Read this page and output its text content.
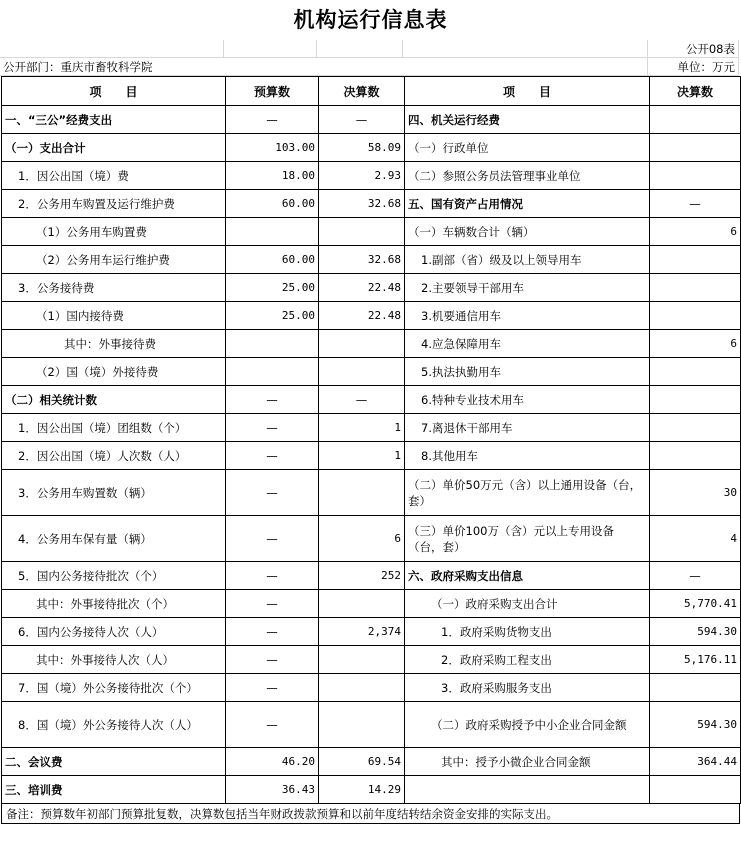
机构运行信息表
公开08表
公开部门：重庆市畜牧科学院	单位：万元
项　　目	预算数	决算数	项　　目	决算数
一、“三公”经费支出	—	—	四、机关运行经费	
（一）支出合计	103.00	58.09	（一）行政单位	
1．因公出国（境）费	18.00	2.93	（二）参照公务员法管理事业单位	
2．公务用车购置及运行维护费	60.00	32.68	五、国有资产占用情况	—
（1）公务用车购置费			（一）车辆数合计（辆）	6
（2）公务用车运行维护费	60.00	32.68	1.副部（省）级及以上领导用车	
3．公务接待费	25.00	22.48	2.主要领导干部用车	
（1）国内接待费	25.00	22.48	3.机要通信用车	
其中：外事接待费			4.应急保障用车	6
（2）国（境）外接待费			5.执法执勤用车	
（二）相关统计数	—	—	6.特种专业技术用车	
1．因公出国（境）团组数（个）	—	1	7.离退休干部用车	
2．因公出国（境）人次数（人）	—	1	8.其他用车	
3．公务用车购置数（辆）	—		（二）单价50万元（含）以上通用设备（台，套）	30
4．公务用车保有量（辆）	—	6	（三）单价100万（含）元以上专用设备（台，套）	4
5．国内公务接待批次（个）	—	252	六、政府采购支出信息	—
其中：外事接待批次（个）	—		（一）政府采购支出合计	5,770.41
6．国内公务接待人次（人）	—	2,374	1．政府采购货物支出	594.30
其中：外事接待人次（人）	—		2．政府采购工程支出	5,176.11
7．国（境）外公务接待批次（个）	—		3．政府采购服务支出	
8．国（境）外公务接待人次（人）	—		（二）政府采购授予中小企业合同金额	594.30
二、会议费	46.20	69.54	其中：授予小微企业合同金额	364.44
三、培训费	36.43	14.29		
备注：预算数年初部门预算批复数，决算数包括当年财政拨款预算和以前年度结转结余资金安排的实际支出。
